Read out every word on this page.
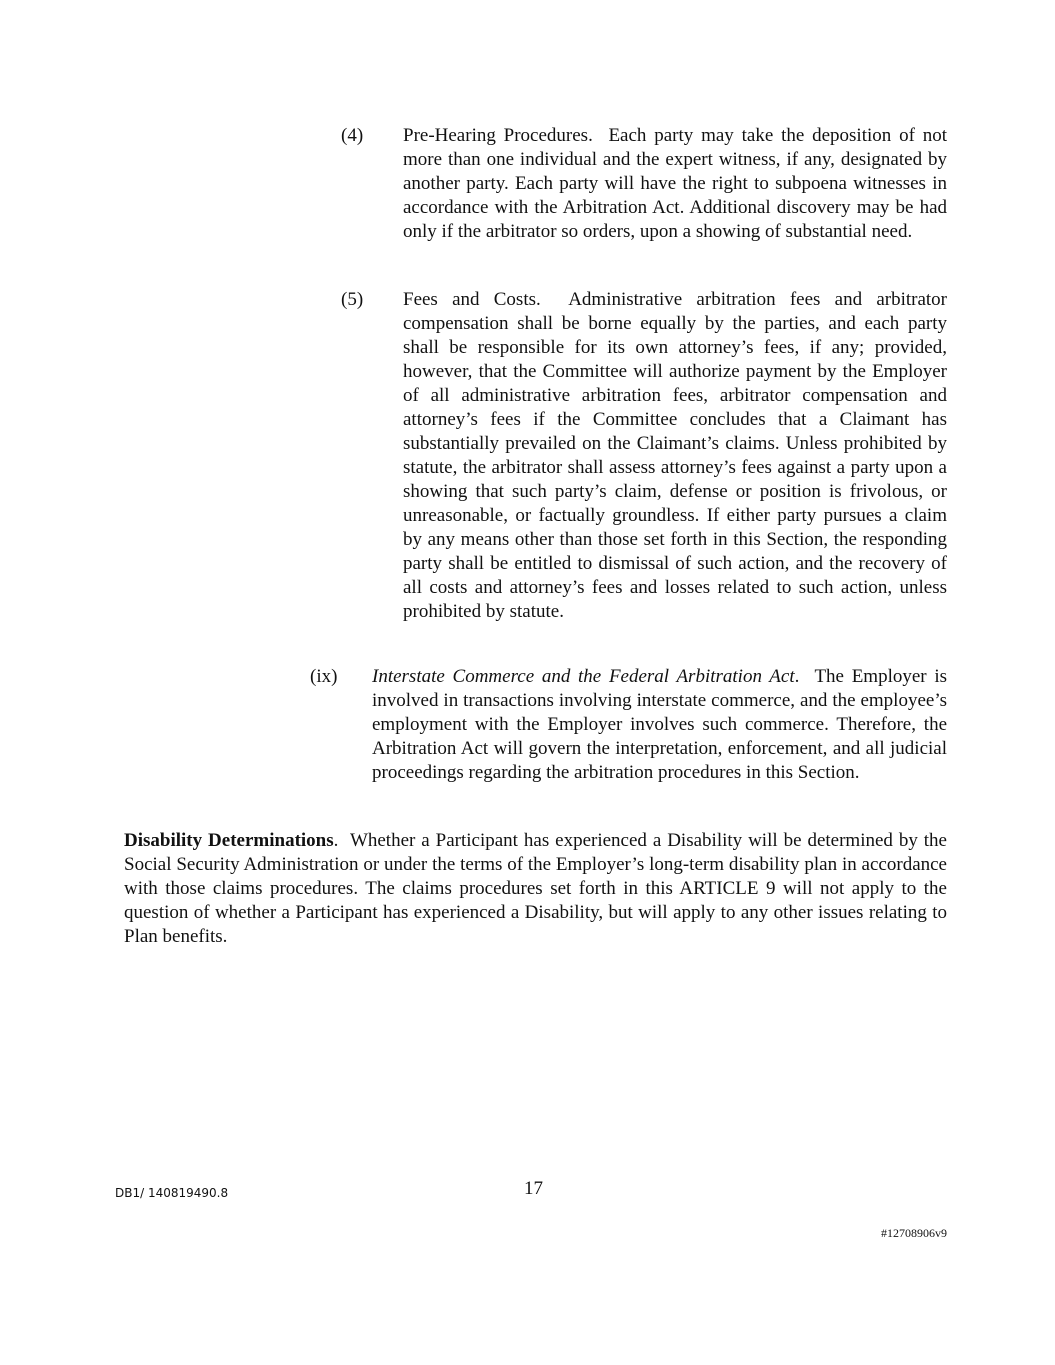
(4) Pre-Hearing Procedures. Each party may take the deposition of not more than one individual and the expert witness, if any, designated by another party. Each party will have the right to subpoena witnesses in accordance with the Arbitration Act. Additional discovery may be had only if the arbitrator so orders, upon a showing of substantial need.

(5) Fees and Costs. Administrative arbitration fees and arbitrator compensation shall be borne equally by the parties, and each party shall be responsible for its own attorney’s fees, if any; provided, however, that the Committee will authorize payment by the Employer of all administrative arbitration fees, arbitrator compensation and attorney’s fees if the Committee concludes that a Claimant has substantially prevailed on the Claimant’s claims. Unless prohibited by statute, the arbitrator shall assess attorney’s fees against a party upon a showing that such party’s claim, defense or position is frivolous, or unreasonable, or factually groundless. If either party pursues a claim by any means other than those set forth in this Section, the responding party shall be entitled to dismissal of such action, and the recovery of all costs and attorney’s fees and losses related to such action, unless prohibited by statute.

(ix) Interstate Commerce and the Federal Arbitration Act.  The Employer is involved in transactions involving interstate commerce, and the employee’s employment with the Employer involves such commerce. Therefore, the Arbitration Act will govern the interpretation, enforcement, and all judicial proceedings regarding the arbitration procedures in this Section.

Disability Determinations.  Whether a Participant has experienced a Disability will be determined by the Social Security Administration or under the terms of the Employer’s long-term disability plan in accordance with those claims procedures. The claims procedures set forth in this ARTICLE 9 will not apply to the question of whether a Participant has experienced a Disability, but will apply to any other issues relating to Plan benefits.

DB1/ 140819490.8	17
#12708906v9
